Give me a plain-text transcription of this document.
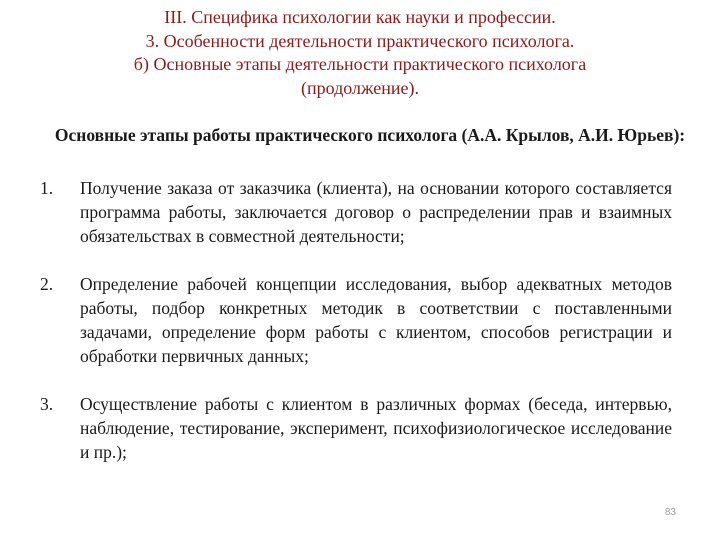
III. Специфика психологии как науки и профессии.
3. Особенности деятельности практического психолога.
б) Основные этапы деятельности практического психолога
(продолжение).
Основные этапы работы практического психолога (А.А. Крылов, А.И. Юрьев):
1. Получение заказа от заказчика (клиента), на основании которого составляется программа работы, заключается договор о распределении прав и взаимных обязательствах в совместной деятельности;
2. Определение рабочей концепции исследования, выбор адекватных методов работы, подбор конкретных методик в соответствии с поставленными задачами, определение форм работы с клиентом, способов регистрации и обработки первичных данных;
3. Осуществление работы с клиентом в различных формах (беседа, интервью, наблюдение, тестирование, эксперимент, психофизиологическое исследование и пр.);
83
